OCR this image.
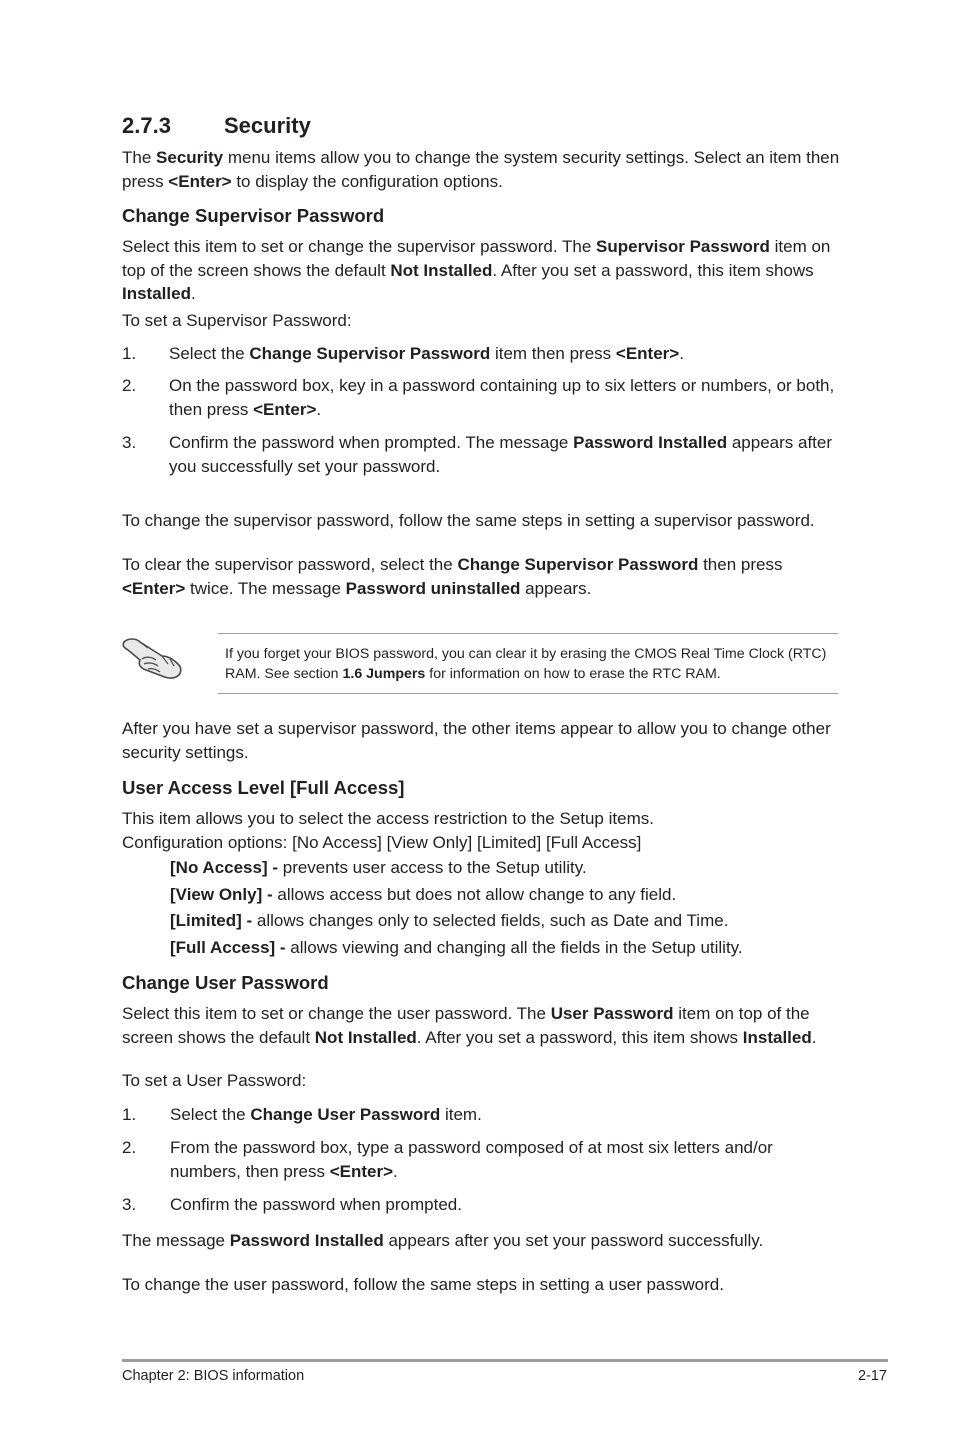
2.7.3 Security

The Security menu items allow you to change the system security settings. Select an item then press <Enter> to display the configuration options.

Change Supervisor Password

Select this item to set or change the supervisor password. The Supervisor Password item on top of the screen shows the default Not Installed. After you set a password, this item shows Installed.

To set a Supervisor Password:

1. Select the Change Supervisor Password item then press <Enter>.
2. On the password box, key in a password containing up to six letters or numbers, or both, then press <Enter>.
3. Confirm the password when prompted. The message Password Installed appears after you successfully set your password.

To change the supervisor password, follow the same steps in setting a supervisor password.

To clear the supervisor password, select the Change Supervisor Password then press <Enter> twice. The message Password uninstalled appears.

If you forget your BIOS password, you can clear it by erasing the CMOS Real Time Clock (RTC) RAM. See section 1.6 Jumpers for information on how to erase the RTC RAM.

After you have set a supervisor password, the other items appear to allow you to change other security settings.

User Access Level [Full Access]
This item allows you to select the access restriction to the Setup items.
Configuration options: [No Access] [View Only] [Limited] [Full Access]
[No Access] - prevents user access to the Setup utility.
[View Only] - allows access but does not allow change to any field.
[Limited] - allows changes only to selected fields, such as Date and Time.
[Full Access] - allows viewing and changing all the fields in the Setup utility.
Change User Password

Select this item to set or change the user password. The User Password item on top of the screen shows the default Not Installed. After you set a password, this item shows Installed.

To set a User Password:

1. Select the Change User Password item.
2. From the password box, type a password composed of at most six letters and/or numbers, then press <Enter>.
3. Confirm the password when prompted.

The message Password Installed appears after you set your password successfully.

To change the user password, follow the same steps in setting a user password.

Chapter 2: BIOS information	2-17
